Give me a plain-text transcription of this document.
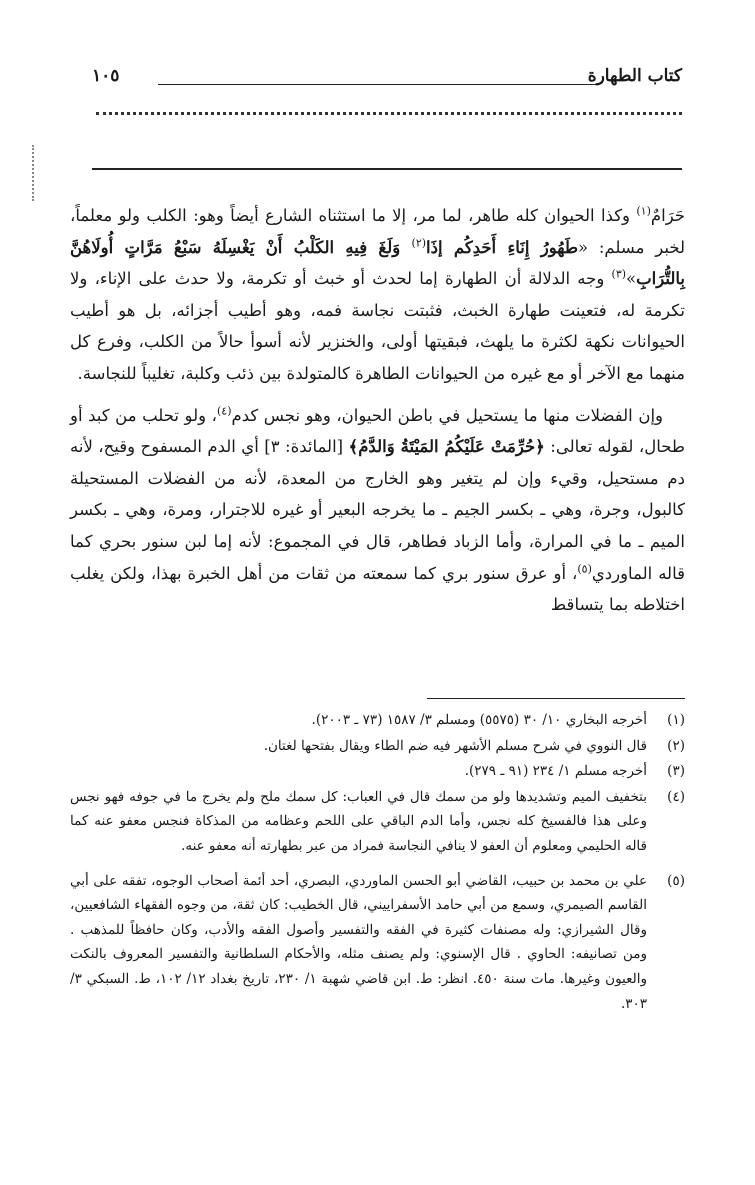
كتاب الطهارة
١٠٥

حَرَامٌ$^{(١)}$ وكذا الحيوان كله طاهر، لما مر، إلا ما استثناه الشارع أيضاً وهو: الكلب ولو معلماً، لخبر مسلم: «طَهُورُ إِنَاءِ أَحَدِكُم إذَا$^{(٢)}$ وَلَغَ فِيهِ الكَلْبُ أَنْ يَغْسِلَهُ سَبْعُ مَرَّاتٍ أُولَاهُنَّ بِالتُّرَابِ»$^{(٣)}$ وجه الدلالة أن الطهارة إما لحدث أو خبث أو تكرمة، ولا حدث على الإناء، ولا تكرمة له، فتعينت طهارة الخبث، فثبتت نجاسة فمه، وهو أطيب أجزائه، بل هو أطيب الحيوانات نكهة لكثرة ما يلهث، فبقيتها أولى، والخنزير لأنه أسوأ حالاً من الكلب، وفرع كل منهما مع الآخر أو مع غيره من الحيوانات الطاهرة كالمتولدة بين ذئب وكلبة، تغليباً للنجاسة.

وإن الفضلات منها ما يستحيل في باطن الحيوان، وهو نجس كدم$^{(٤)}$، ولو تحلب من كبد أو طحال، لقوله تعالى: ﴿حُرِّمَتْ عَلَيْكُمُ المَيْتَةُ وَالدَّمُ﴾ [المائدة: ٣] أي الدم المسفوح وقيح، لأنه دم مستحيل، وقيء وإن لم يتغير وهو الخارج من المعدة، لأنه من الفضلات المستحيلة كالبول، وجرة، وهي ـ بكسر الجيم ـ ما يخرجه البعير أو غيره للاجترار، ومرة، وهي ـ بكسر الميم ـ ما في المرارة، وأما الزباد فطاهر، قال في المجموع: لأنه إما لبن سنور بحري كما قاله الماوردي$^{(٥)}$، أو عرق سنور بري كما سمعته من ثقات من أهل الخبرة بهذا، ولكن يغلب اختلاطه بما يتساقط

(١)
أخرجه البخاري ١٠/ ٣٠ (٥٥٧٥) ومسلم ٣/ ١٥٨٧ (٧٣ ـ ٢٠٠٣).
(٢)
قال النووي في شرح مسلم الأشهر فيه ضم الطاء ويقال بفتحها لغتان.
(٣)
أخرجه مسلم ١/ ٢٣٤ (٩١ ـ ٢٧٩).
(٤)
بتخفيف الميم وتشديدها ولو من سمك قال في العباب: كل سمك ملح ولم يخرج ما في جوفه فهو نجس وعلى هذا فالفسيخ كله نجس، وأما الدم الباقي على اللحم وعظامه من المذكاة فنجس معفو عنه كما قاله الحليمي ومعلوم أن العفو لا ينافي النجاسة فمراد من عبر بطهارته أنه معفو عنه.
(٥)
علي بن محمد بن حبيب، القاضي أبو الحسن الماوردي، البصري، أحد أئمة أصحاب الوجوه، تفقه على أبي القاسم الصيمري، وسمع من أبي حامد الأسفراييني، قال الخطيب: كان ثقة، من وجوه الفقهاء الشافعيين، وقال الشيرازي: وله مصنفات كثيرة في الفقه والتفسير وأصول الفقه والأدب، وكان حافظاً للمذهب . ومن تصانيفه: الحاوي . قال الإسنوي: ولم يصنف مثله، والأحكام السلطانية والتفسير المعروف بالنكت والعيون وغيرها. مات سنة ٤٥٠. انظر: ط. ابن قاضي شهبة ١/ ٢٣٠، تاريخ بغداد ١٢/ ١٠٢، ط. السبكي ٣/ ٣٠٣.
